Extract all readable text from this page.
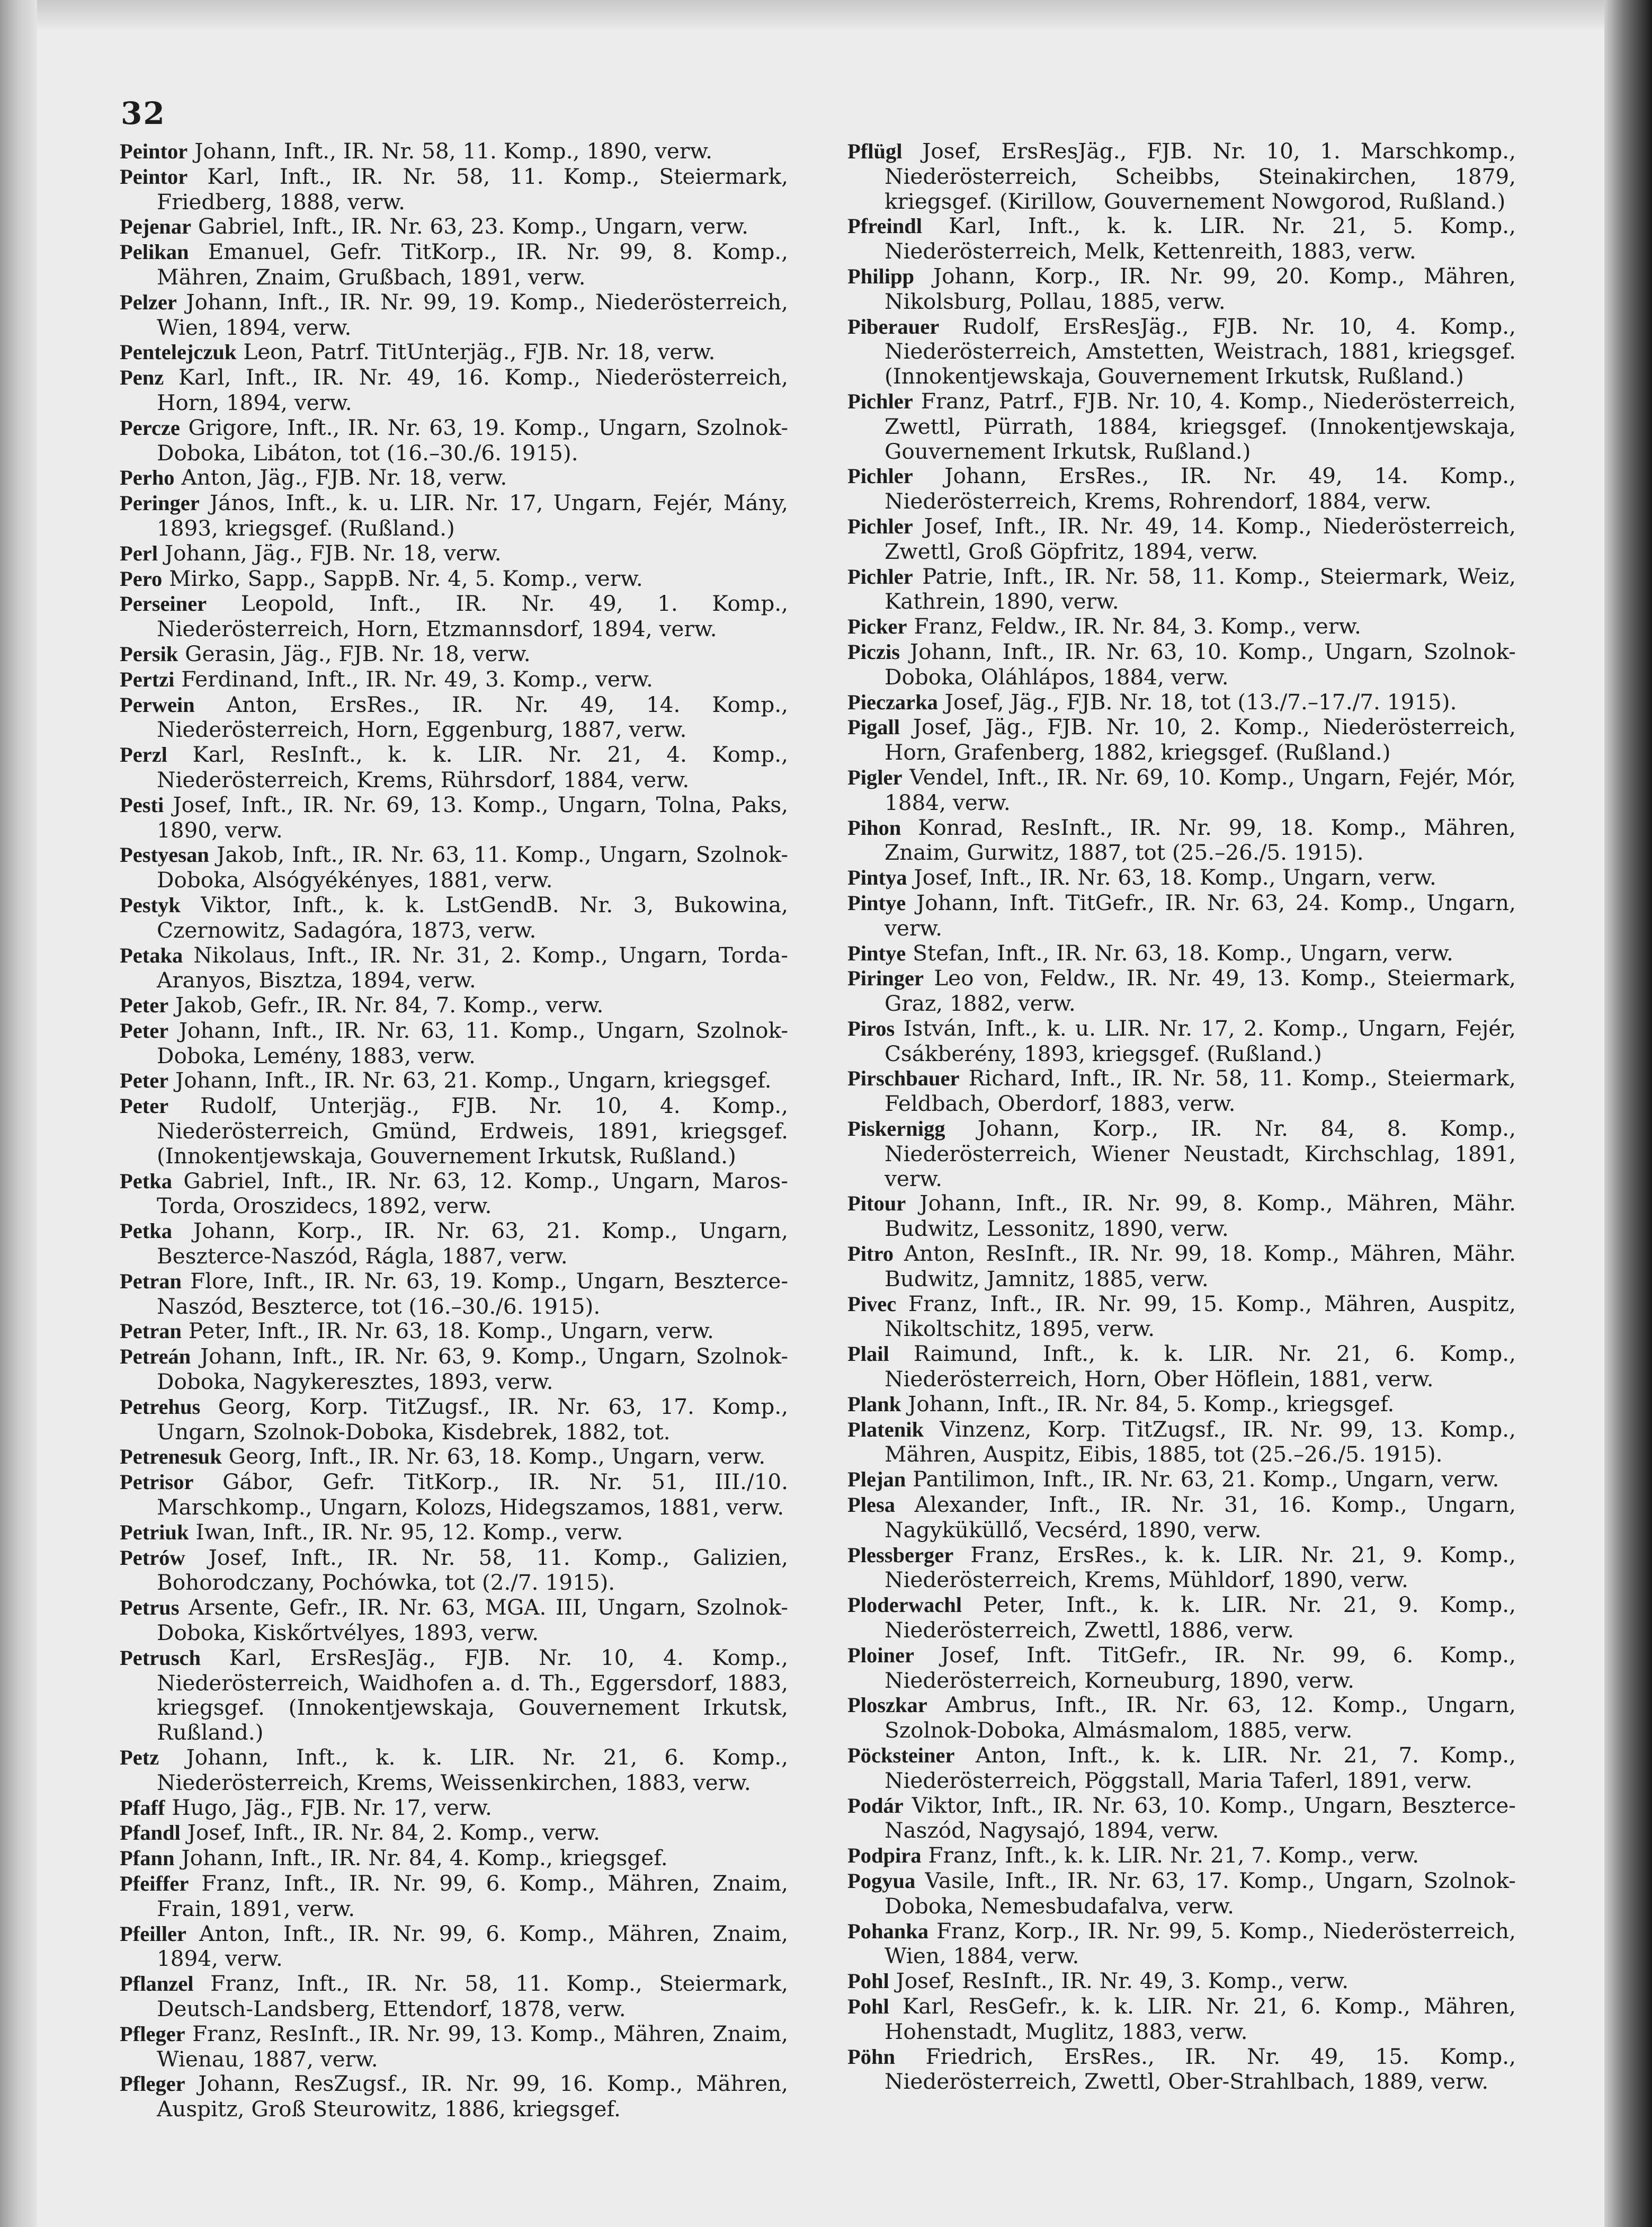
32

Peintor Johann, Inft., IR. Nr. 58, 11. Komp., 1890, verw.

Peintor Karl, Inft., IR. Nr. 58, 11. Komp., Steiermark, Friedberg, 1888, verw.

Pejenar Gabriel, Inft., IR. Nr. 63, 23. Komp., Ungarn, verw.

Pelikan Emanuel, Gefr. TitKorp., IR. Nr. 99, 8. Komp., Mähren, Znaim, Grußbach, 1891, verw.

Pelzer Johann, Inft., IR. Nr. 99, 19. Komp., Niederösterreich, Wien, 1894, verw.

Pentelejczuk Leon, Patrf. TitUnterjäg., FJB. Nr. 18, verw.

Penz Karl, Inft., IR. Nr. 49, 16. Komp., Niederösterreich, Horn, 1894, verw.

Percze Grigore, Inft., IR. Nr. 63, 19. Komp., Ungarn, Szolnok-Doboka, Libáton, tot (16.–30./6. 1915).

Perho Anton, Jäg., FJB. Nr. 18, verw.

Peringer János, Inft., k. u. LIR. Nr. 17, Ungarn, Fejér, Mány, 1893, kriegsgef. (Rußland.)

Perl Johann, Jäg., FJB. Nr. 18, verw.

Pero Mirko, Sapp., SappB. Nr. 4, 5. Komp., verw.

Perseiner Leopold, Inft., IR. Nr. 49, 1. Komp., Niederösterreich, Horn, Etzmannsdorf, 1894, verw.

Persik Gerasin, Jäg., FJB. Nr. 18, verw.

Pertzi Ferdinand, Inft., IR. Nr. 49, 3. Komp., verw.

Perwein Anton, ErsRes., IR. Nr. 49, 14. Komp., Niederösterreich, Horn, Eggenburg, 1887, verw.

Perzl Karl, ResInft., k. k. LIR. Nr. 21, 4. Komp., Niederösterreich, Krems, Rührsdorf, 1884, verw.

Pesti Josef, Inft., IR. Nr. 69, 13. Komp., Ungarn, Tolna, Paks, 1890, verw.

Pestyesan Jakob, Inft., IR. Nr. 63, 11. Komp., Ungarn, Szolnok-Doboka, Alsógyékényes, 1881, verw.

Pestyk Viktor, Inft., k. k. LstGendB. Nr. 3, Bukowina, Czernowitz, Sadagóra, 1873, verw.

Petaka Nikolaus, Inft., IR. Nr. 31, 2. Komp., Ungarn, Torda-Aranyos, Bisztza, 1894, verw.

Peter Jakob, Gefr., IR. Nr. 84, 7. Komp., verw.

Peter Johann, Inft., IR. Nr. 63, 11. Komp., Ungarn, Szolnok-Doboka, Lemény, 1883, verw.

Peter Johann, Inft., IR. Nr. 63, 21. Komp., Ungarn, kriegsgef.

Peter Rudolf, Unterjäg., FJB. Nr. 10, 4. Komp., Niederösterreich, Gmünd, Erdweis, 1891, kriegsgef. (Innokentjewskaja, Gouvernement Irkutsk, Rußland.)

Petka Gabriel, Inft., IR. Nr. 63, 12. Komp., Ungarn, Maros-Torda, Oroszidecs, 1892, verw.

Petka Johann, Korp., IR. Nr. 63, 21. Komp., Ungarn, Beszterce-Naszód, Rágla, 1887, verw.

Petran Flore, Inft., IR. Nr. 63, 19. Komp., Ungarn, Beszterce-Naszód, Beszterce, tot (16.–30./6. 1915).

Petran Peter, Inft., IR. Nr. 63, 18. Komp., Ungarn, verw.

Petreán Johann, Inft., IR. Nr. 63, 9. Komp., Ungarn, Szolnok-Doboka, Nagykeresztes, 1893, verw.

Petrehus Georg, Korp. TitZugsf., IR. Nr. 63, 17. Komp., Ungarn, Szolnok-Doboka, Kisdebrek, 1882, tot.

Petrenesuk Georg, Inft., IR. Nr. 63, 18. Komp., Ungarn, verw.

Petrisor Gábor, Gefr. TitKorp., IR. Nr. 51, III./10. Marschkomp., Ungarn, Kolozs, Hidegszamos, 1881, verw.

Petriuk Iwan, Inft., IR. Nr. 95, 12. Komp., verw.

Petrów Josef, Inft., IR. Nr. 58, 11. Komp., Galizien, Bohorodczany, Pochówka, tot (2./7. 1915).

Petrus Arsente, Gefr., IR. Nr. 63, MGA. III, Ungarn, Szolnok-Doboka, Kiskőrtvélyes, 1893, verw.

Petrusch Karl, ErsResJäg., FJB. Nr. 10, 4. Komp., Niederösterreich, Waidhofen a. d. Th., Eggersdorf, 1883, kriegsgef. (Innokentjewskaja, Gouvernement Irkutsk, Rußland.)

Petz Johann, Inft., k. k. LIR. Nr. 21, 6. Komp., Niederösterreich, Krems, Weissenkirchen, 1883, verw.

Pfaff Hugo, Jäg., FJB. Nr. 17, verw.

Pfandl Josef, Inft., IR. Nr. 84, 2. Komp., verw.

Pfann Johann, Inft., IR. Nr. 84, 4. Komp., kriegsgef.

Pfeiffer Franz, Inft., IR. Nr. 99, 6. Komp., Mähren, Znaim, Frain, 1891, verw.

Pfeiller Anton, Inft., IR. Nr. 99, 6. Komp., Mähren, Znaim, 1894, verw.

Pflanzel Franz, Inft., IR. Nr. 58, 11. Komp., Steiermark, Deutsch-Landsberg, Ettendorf, 1878, verw.

Pfleger Franz, ResInft., IR. Nr. 99, 13. Komp., Mähren, Znaim, Wienau, 1887, verw.

Pfleger Johann, ResZugsf., IR. Nr. 99, 16. Komp., Mähren, Auspitz, Groß Steurowitz, 1886, kriegsgef.

Pflügl Josef, ErsResJäg., FJB. Nr. 10, 1. Marschkomp., Niederösterreich, Scheibbs, Steinakirchen, 1879, kriegsgef. (Kirillow, Gouvernement Nowgorod, Rußland.)

Pfreindl Karl, Inft., k. k. LIR. Nr. 21, 5. Komp., Niederösterreich, Melk, Kettenreith, 1883, verw.

Philipp Johann, Korp., IR. Nr. 99, 20. Komp., Mähren, Nikolsburg, Pollau, 1885, verw.

Piberauer Rudolf, ErsResJäg., FJB. Nr. 10, 4. Komp., Niederösterreich, Amstetten, Weistrach, 1881, kriegsgef. (Innokentjewskaja, Gouvernement Irkutsk, Rußland.)

Pichler Franz, Patrf., FJB. Nr. 10, 4. Komp., Niederösterreich, Zwettl, Pürrath, 1884, kriegsgef. (Innokentjewskaja, Gouvernement Irkutsk, Rußland.)

Pichler Johann, ErsRes., IR. Nr. 49, 14. Komp., Niederösterreich, Krems, Rohrendorf, 1884, verw.

Pichler Josef, Inft., IR. Nr. 49, 14. Komp., Niederösterreich, Zwettl, Groß Göpfritz, 1894, verw.

Pichler Patrie, Inft., IR. Nr. 58, 11. Komp., Steiermark, Weiz, Kathrein, 1890, verw.

Picker Franz, Feldw., IR. Nr. 84, 3. Komp., verw.

Piczis Johann, Inft., IR. Nr. 63, 10. Komp., Ungarn, Szolnok-Doboka, Oláhlápos, 1884, verw.

Pieczarka Josef, Jäg., FJB. Nr. 18, tot (13./7.–17./7. 1915).

Pigall Josef, Jäg., FJB. Nr. 10, 2. Komp., Niederösterreich, Horn, Grafenberg, 1882, kriegsgef. (Rußland.)

Pigler Vendel, Inft., IR. Nr. 69, 10. Komp., Ungarn, Fejér, Mór, 1884, verw.

Pihon Konrad, ResInft., IR. Nr. 99, 18. Komp., Mähren, Znaim, Gurwitz, 1887, tot (25.–26./5. 1915).

Pintya Josef, Inft., IR. Nr. 63, 18. Komp., Ungarn, verw.

Pintye Johann, Inft. TitGefr., IR. Nr. 63, 24. Komp., Ungarn, verw.

Pintye Stefan, Inft., IR. Nr. 63, 18. Komp., Ungarn, verw.

Piringer Leo von, Feldw., IR. Nr. 49, 13. Komp., Steiermark, Graz, 1882, verw.

Piros István, Inft., k. u. LIR. Nr. 17, 2. Komp., Ungarn, Fejér, Csákberény, 1893, kriegsgef. (Rußland.)

Pirschbauer Richard, Inft., IR. Nr. 58, 11. Komp., Steiermark, Feldbach, Oberdorf, 1883, verw.

Piskernigg Johann, Korp., IR. Nr. 84, 8. Komp., Niederösterreich, Wiener Neustadt, Kirchschlag, 1891, verw.

Pitour Johann, Inft., IR. Nr. 99, 8. Komp., Mähren, Mähr. Budwitz, Lessonitz, 1890, verw.

Pitro Anton, ResInft., IR. Nr. 99, 18. Komp., Mähren, Mähr. Budwitz, Jamnitz, 1885, verw.

Pivec Franz, Inft., IR. Nr. 99, 15. Komp., Mähren, Auspitz, Nikoltschitz, 1895, verw.

Plail Raimund, Inft., k. k. LIR. Nr. 21, 6. Komp., Niederösterreich, Horn, Ober Höflein, 1881, verw.

Plank Johann, Inft., IR. Nr. 84, 5. Komp., kriegsgef.

Platenik Vinzenz, Korp. TitZugsf., IR. Nr. 99, 13. Komp., Mähren, Auspitz, Eibis, 1885, tot (25.–26./5. 1915).

Plejan Pantilimon, Inft., IR. Nr. 63, 21. Komp., Ungarn, verw.

Plesa Alexander, Inft., IR. Nr. 31, 16. Komp., Ungarn, Nagyküküllő, Vecsérd, 1890, verw.

Plessberger Franz, ErsRes., k. k. LIR. Nr. 21, 9. Komp., Niederösterreich, Krems, Mühldorf, 1890, verw.

Ploderwachl Peter, Inft., k. k. LIR. Nr. 21, 9. Komp., Niederösterreich, Zwettl, 1886, verw.

Ploiner Josef, Inft. TitGefr., IR. Nr. 99, 6. Komp., Niederösterreich, Korneuburg, 1890, verw.

Ploszkar Ambrus, Inft., IR. Nr. 63, 12. Komp., Ungarn, Szolnok-Doboka, Almásmalom, 1885, verw.

Pöcksteiner Anton, Inft., k. k. LIR. Nr. 21, 7. Komp., Niederösterreich, Pöggstall, Maria Taferl, 1891, verw.

Podár Viktor, Inft., IR. Nr. 63, 10. Komp., Ungarn, Beszterce-Naszód, Nagysajó, 1894, verw.

Podpira Franz, Inft., k. k. LIR. Nr. 21, 7. Komp., verw.

Pogyua Vasile, Inft., IR. Nr. 63, 17. Komp., Ungarn, Szolnok-Doboka, Nemesbudafalva, verw.

Pohanka Franz, Korp., IR. Nr. 99, 5. Komp., Niederösterreich, Wien, 1884, verw.

Pohl Josef, ResInft., IR. Nr. 49, 3. Komp., verw.

Pohl Karl, ResGefr., k. k. LIR. Nr. 21, 6. Komp., Mähren, Hohenstadt, Muglitz, 1883, verw.

Pöhn Friedrich, ErsRes., IR. Nr. 49, 15. Komp., Niederösterreich, Zwettl, Ober-Strahlbach, 1889, verw.
